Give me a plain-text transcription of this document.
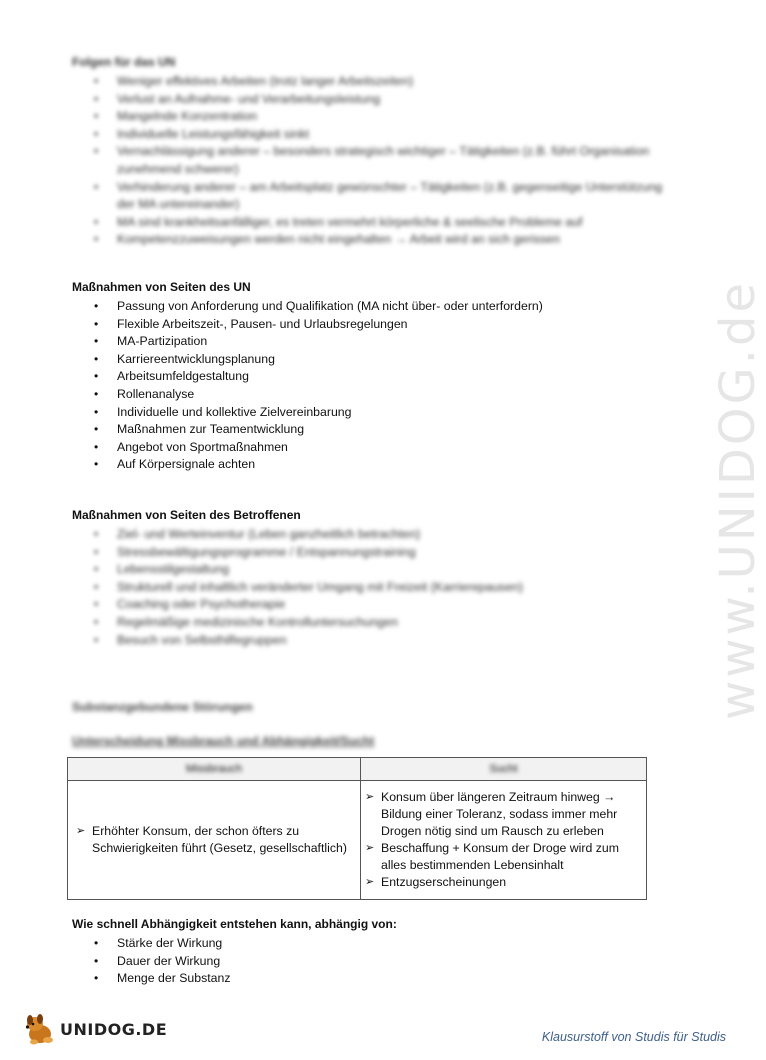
www.UNIDOG.de
Folgen für das UN
• Weniger effektives Arbeiten (trotz langer Arbeitszeiten)
• Verlust an Aufnahme- und Verarbeitungsleistung
• Mangelnde Konzentration
• Individuelle Leistungsfähigkeit sinkt
• Vernachlässigung anderer – besonders strategisch wichtiger – Tätigkeiten (z.B. führt Organisation zunehmend schwerer)
• Verhinderung anderer – am Arbeitsplatz gewünschter – Tätigkeiten (z.B. gegenseitige Unterstützung der MA untereinander)
• MA sind krankheitsanfälliger, es treten vermehrt körperliche & seelische Probleme auf
• Kompetenzzuweisungen werden nicht eingehalten → Arbeit wird an sich gerissen
Maßnahmen von Seiten des UN
• Passung von Anforderung und Qualifikation (MA nicht über- oder unterfordern)
• Flexible Arbeitszeit-, Pausen- und Urlaubsregelungen
• MA-Partizipation
• Karriereentwicklungsplanung
• Arbeitsumfeldgestaltung
• Rollenanalyse
• Individuelle und kollektive Zielvereinbarung
• Maßnahmen zur Teamentwicklung
• Angebot von Sportmaßnahmen
• Auf Körpersignale achten
Maßnahmen von Seiten des Betroffenen
• Ziel- und Werteinventur (Leben ganzheitlich betrachten)
• Stressbewältigungsprogramme / Entspannungstraining
• Lebensstilgestaltung
• Strukturell und inhaltlich veränderter Umgang mit Freizeit (Karrierepausen)
• Coaching oder Psychotherapie
• Regelmäßige medizinische Kontrolluntersuchungen
• Besuch von Selbsthilfegruppen
Substanzgebundene Störungen
Unterscheidung Missbrauch und Abhängigkeit/Sucht
Missbrauch	Sucht

➢ Erhöhter Konsum, der schon öfters zu Schwierigkeiten führt (Gesetz, gesellschaftlich)	➢ Konsum über längeren Zeitraum hinweg → Bildung einer Toleranz, sodass immer mehr Drogen nötig sind um Rausch zu erleben
➢ Beschaffung + Konsum der Droge wird zum alles bestimmenden Lebensinhalt
➢ Entzugserscheinungen
Wie schnell Abhängigkeit entstehen kann, abhängig von:
• Stärke der Wirkung
• Dauer der Wirkung
• Menge der Substanz
UNIDOG.DE	Klausurstoff von Studis für Studis
